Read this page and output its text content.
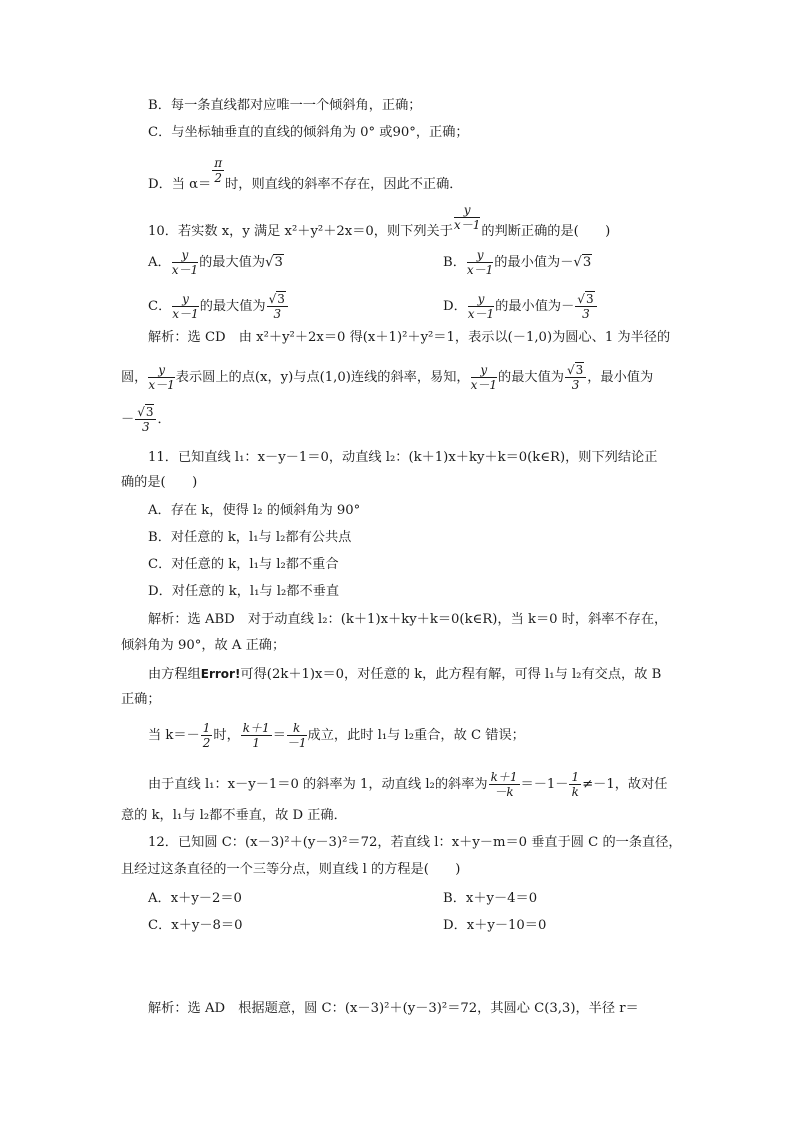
B．每一条直线都对应唯一一个倾斜角，正确；
C．与坐标轴垂直的直线的倾斜角为 0° 或90°，正确；
D．当 $\alpha= \frac{\pi}{2}$ 时，则直线的斜率不存在，因此不正确．
10．若实数 x，y 满足 x²＋y²＋2x＝0，则下列关于 $\frac{y}{x-1}$ 的判断正确的是(　　)
A． $\frac{y}{x-1}$ 的最大值为√3	B． $\frac{y}{x-1}$ 的最小值为－√3
C． $\frac{y}{x-1}$ 的最大值为 $\frac{√3}{3}$	D． $\frac{y}{x-1}$ 的最小值为－ $\frac{√3}{3}$
解析：选 CD　由 x²＋y²＋2x＝0 得(x＋1)²＋y²＝1，表示以(－1,0)为圆心、1 为半径的
圆， $\frac{y}{x-1}$ 表示圆上的点(x，y)与点(1,0)连线的斜率，易知， $\frac{y}{x-1}$ 的最大值为 $\frac{√3}{3}$ ，最小值为
－ $\frac{√3}{3}$ ．
11．已知直线 l₁：x－y－1＝0，动直线 l₂：(k＋1)x＋ky＋k＝0(k∈R)，则下列结论正
确的是(　　)
A．存在 k，使得 l₂ 的倾斜角为 90°
B．对任意的 k，l₁与 l₂都有公共点
C．对任意的 k，l₁与 l₂都不重合
D．对任意的 k，l₁与 l₂都不垂直
解析：选 ABD　对于动直线 l₂：(k＋1)x＋ky＋k＝0(k∈R)，当 k＝0 时，斜率不存在，
倾斜角为 90°，故 A 正确；
由方程组Error!可得(2k＋1)x＝0，对任意的 k，此方程有解，可得 l₁与 l₂有交点，故 B
正确；
当 $k=- \frac{1}{2}$ 时， $\frac{k+1}{1} = \frac{k}{-1}$ 成立，此时 l₁与 l₂重合，故 C 错误；
由于直线 l₁：x－y－1＝0 的斜率为 1，动直线 l₂的斜率为 $\frac{k+1}{-k} =-1- \frac{1}{k} \ne-1$，故对任
意的 k，l₁与 l₂都不垂直，故 D 正确．
12．已知圆 C：(x－3)²＋(y－3)²＝72，若直线 l：x＋y－m＝0 垂直于圆 C 的一条直径，
且经过这条直径的一个三等分点，则直线 l 的方程是(　　)
A．x＋y－2＝0	B．x＋y－4＝0
C．x＋y－8＝0	D．x＋y－10＝0
解析：选 AD　根据题意，圆 C：(x－3)²＋(y－3)²＝72，其圆心 C(3,3)，半径 r＝
